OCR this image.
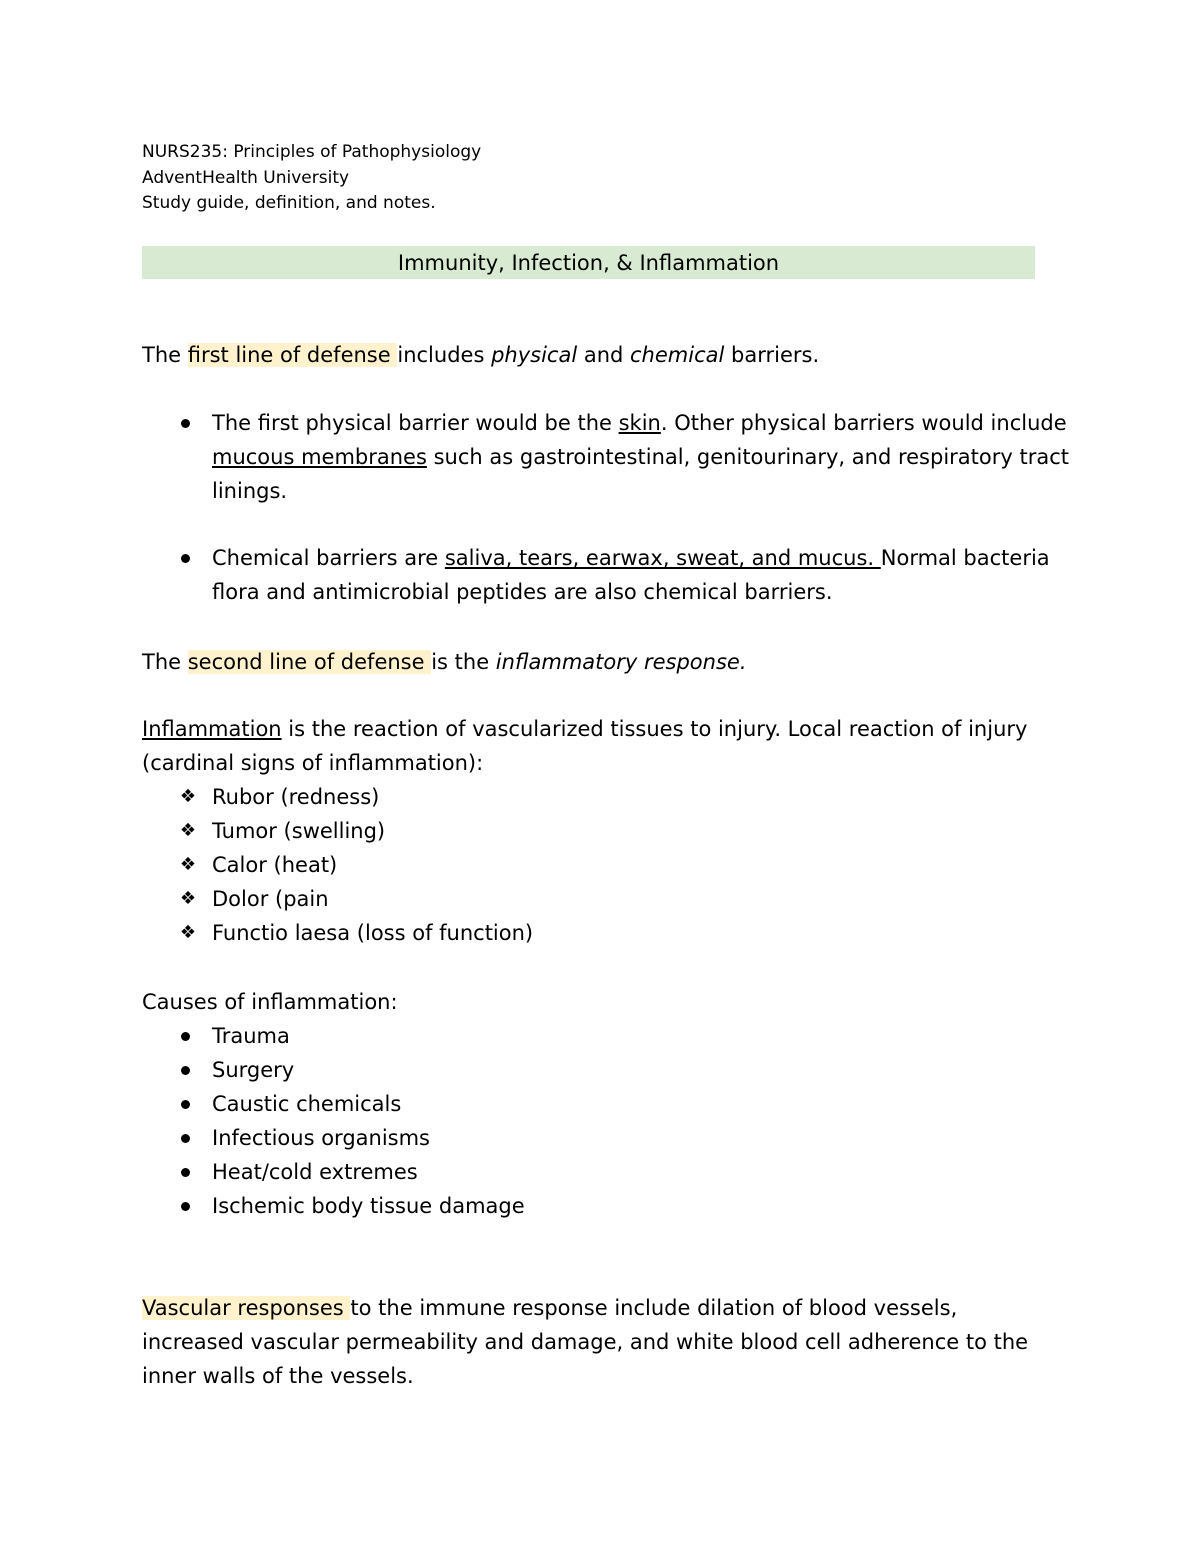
NURS235: Principles of Pathophysiology
AdventHealth University
Study guide, definition, and notes.
Immunity, Infection, & Inflammation
The first line of defense includes physical and chemical barriers.
The first physical barrier would be the skin. Other physical barriers would include mucous membranes such as gastrointestinal, genitourinary, and respiratory tract linings.
Chemical barriers are saliva, tears, earwax, sweat, and mucus. Normal bacteria flora and antimicrobial peptides are also chemical barriers.
The second line of defense is the inflammatory response.
Inflammation is the reaction of vascularized tissues to injury. Local reaction of injury (cardinal signs of inflammation):
❖ Rubor (redness)
❖ Tumor (swelling)
❖ Calor (heat)
❖ Dolor (pain
❖ Functio laesa (loss of function)
Causes of inflammation:
Trauma
Surgery
Caustic chemicals
Infectious organisms
Heat/cold extremes
Ischemic body tissue damage
Vascular responses to the immune response include dilation of blood vessels, increased vascular permeability and damage, and white blood cell adherence to the inner walls of the vessels.
